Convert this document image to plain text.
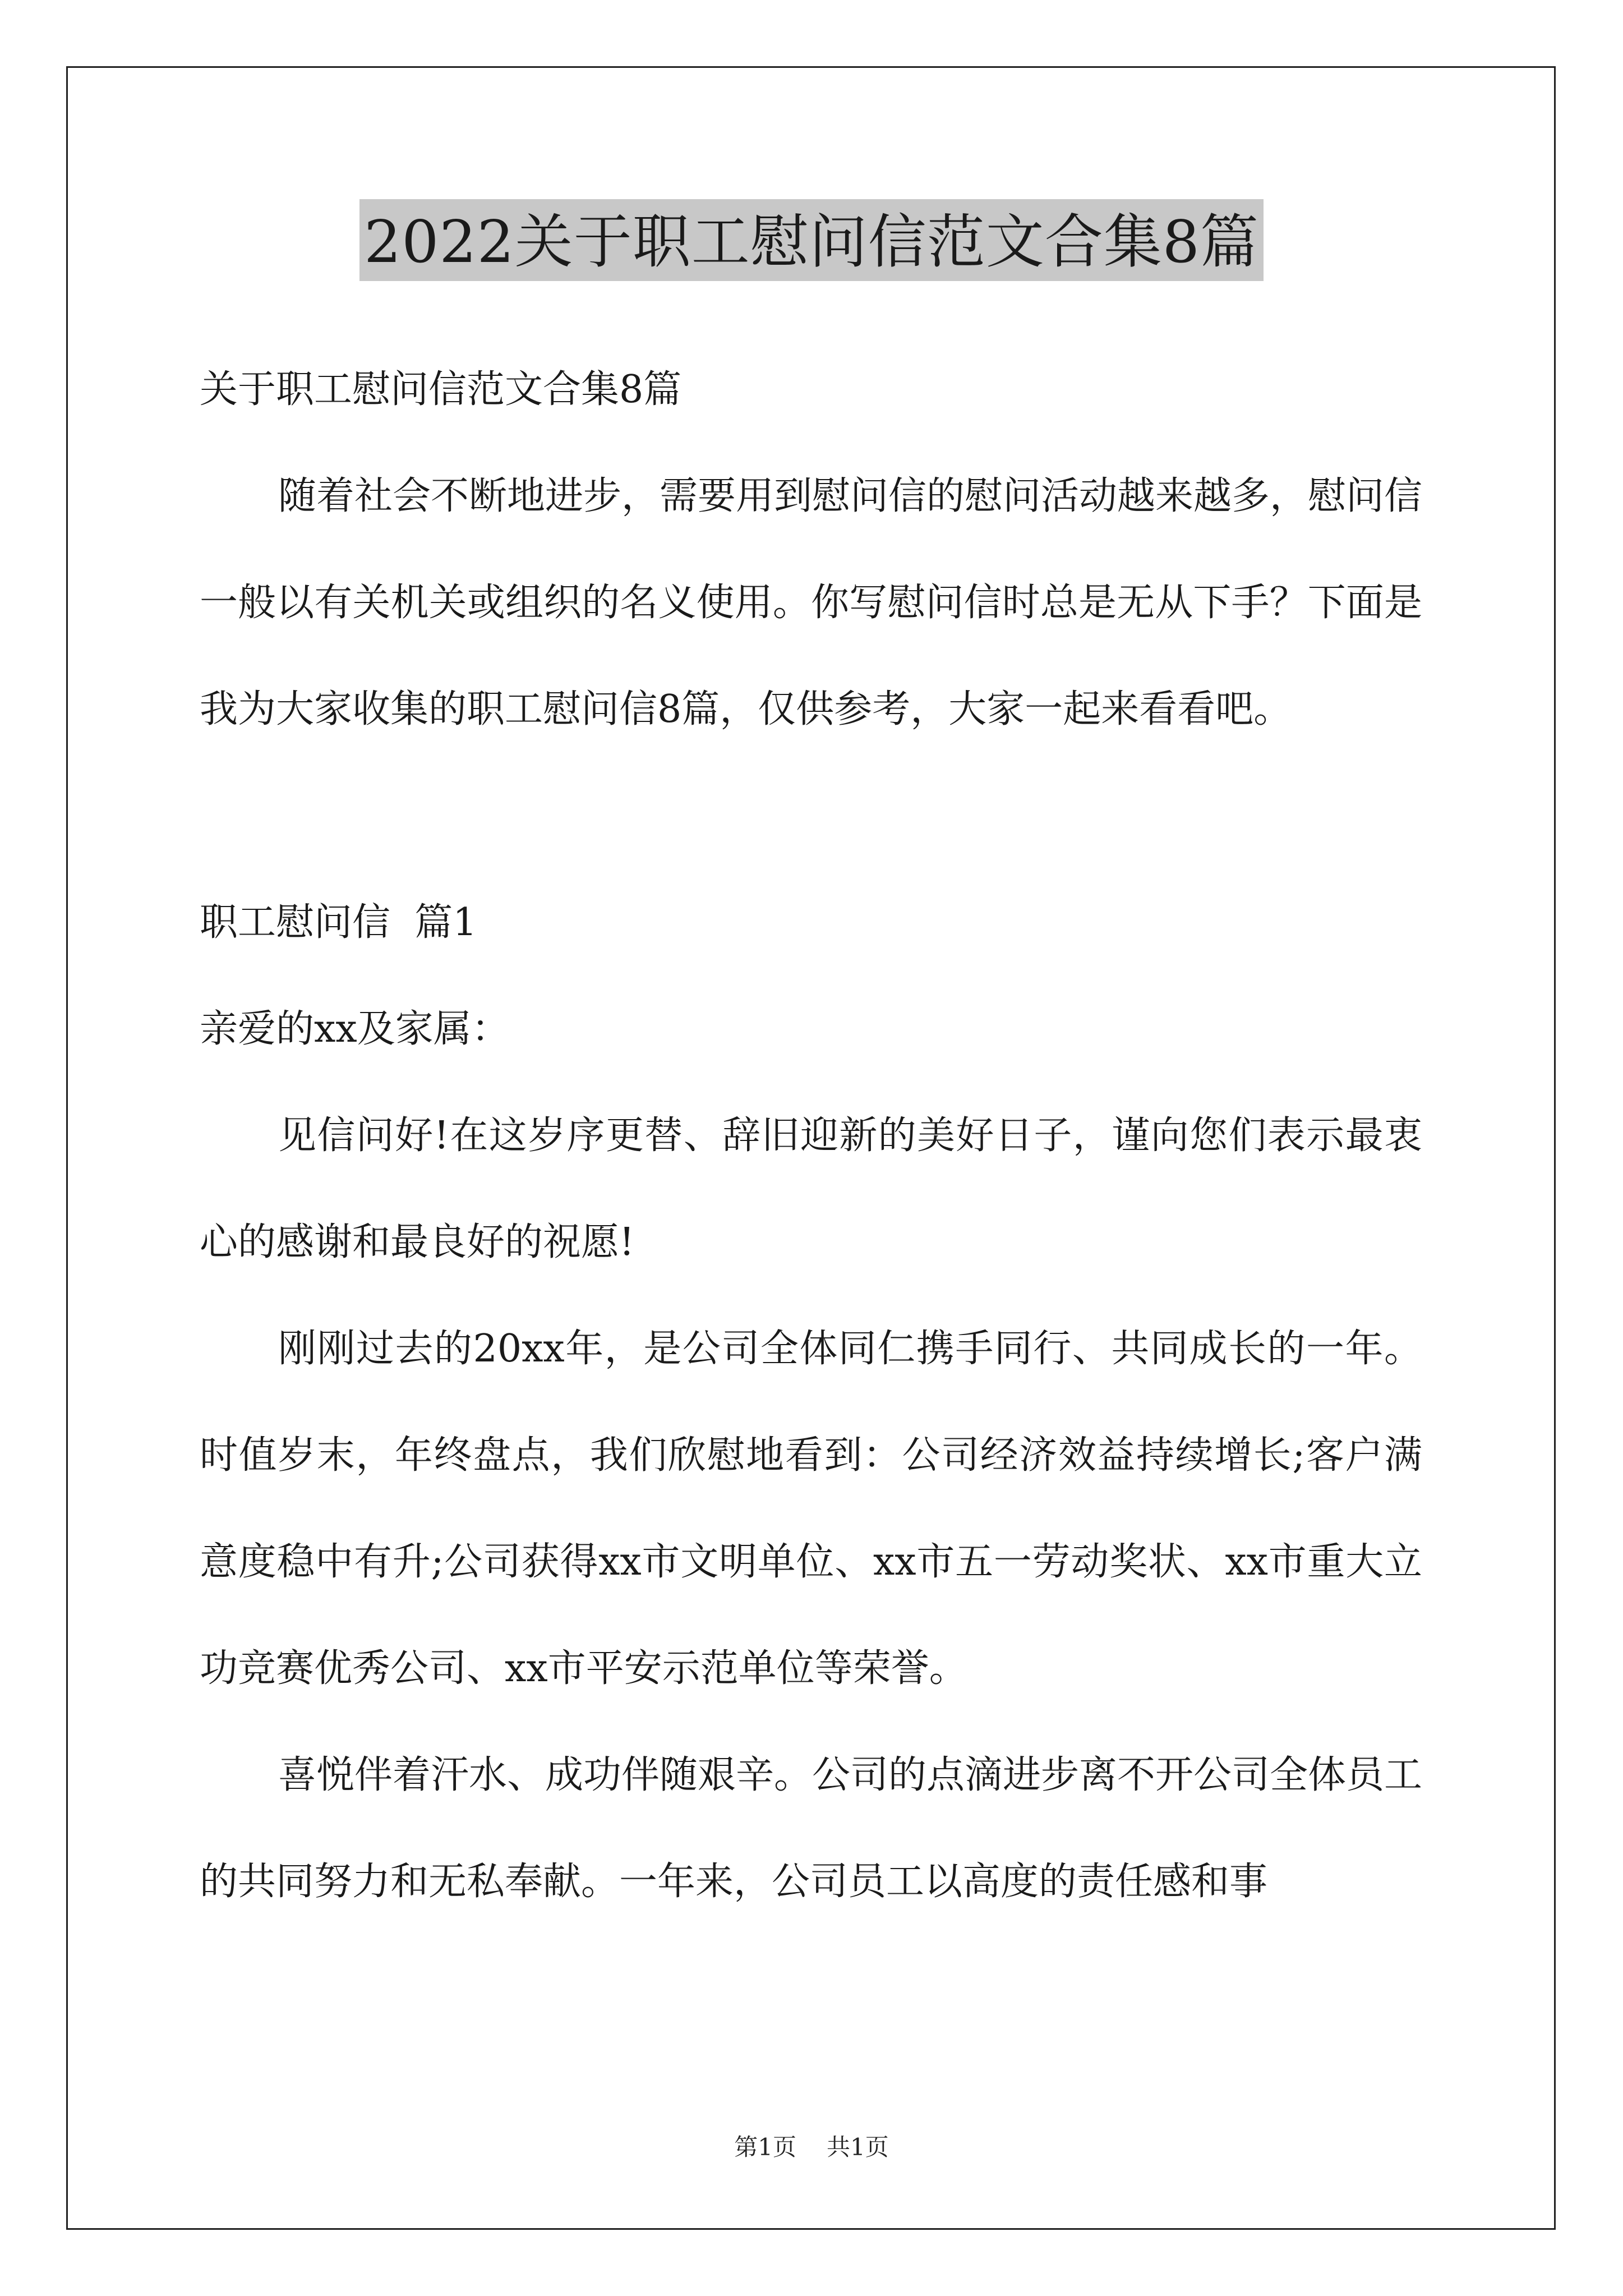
2022关于职工慰问信范文合集8篇

关于职工慰问信范文合集8篇

随着社会不断地进步，需要用到慰问信的慰问活动越来越多，慰问信一般以有关机关或组织的名义使用。你写慰问信时总是无从下手？下面是我为大家收集的职工慰问信8篇，仅供参考，大家一起来看看吧。

职工慰问信  篇1

亲爱的xx及家属：

见信问好!在这岁序更替、辞旧迎新的美好日子，谨向您们表示最衷心的感谢和最良好的祝愿!

刚刚过去的20xx年，是公司全体同仁携手同行、共同成长的一年。时值岁末，年终盘点，我们欣慰地看到：公司经济效益持续增长;客户满意度稳中有升;公司获得xx市文明单位、xx市五一劳动奖状、xx市重大立功竞赛优秀公司、xx市平安示范单位等荣誉。

喜悦伴着汗水、成功伴随艰辛。公司的点滴进步离不开公司全体员工的共同努力和无私奉献。一年来，公司员工以高度的责任感和事

第1页 共1页
